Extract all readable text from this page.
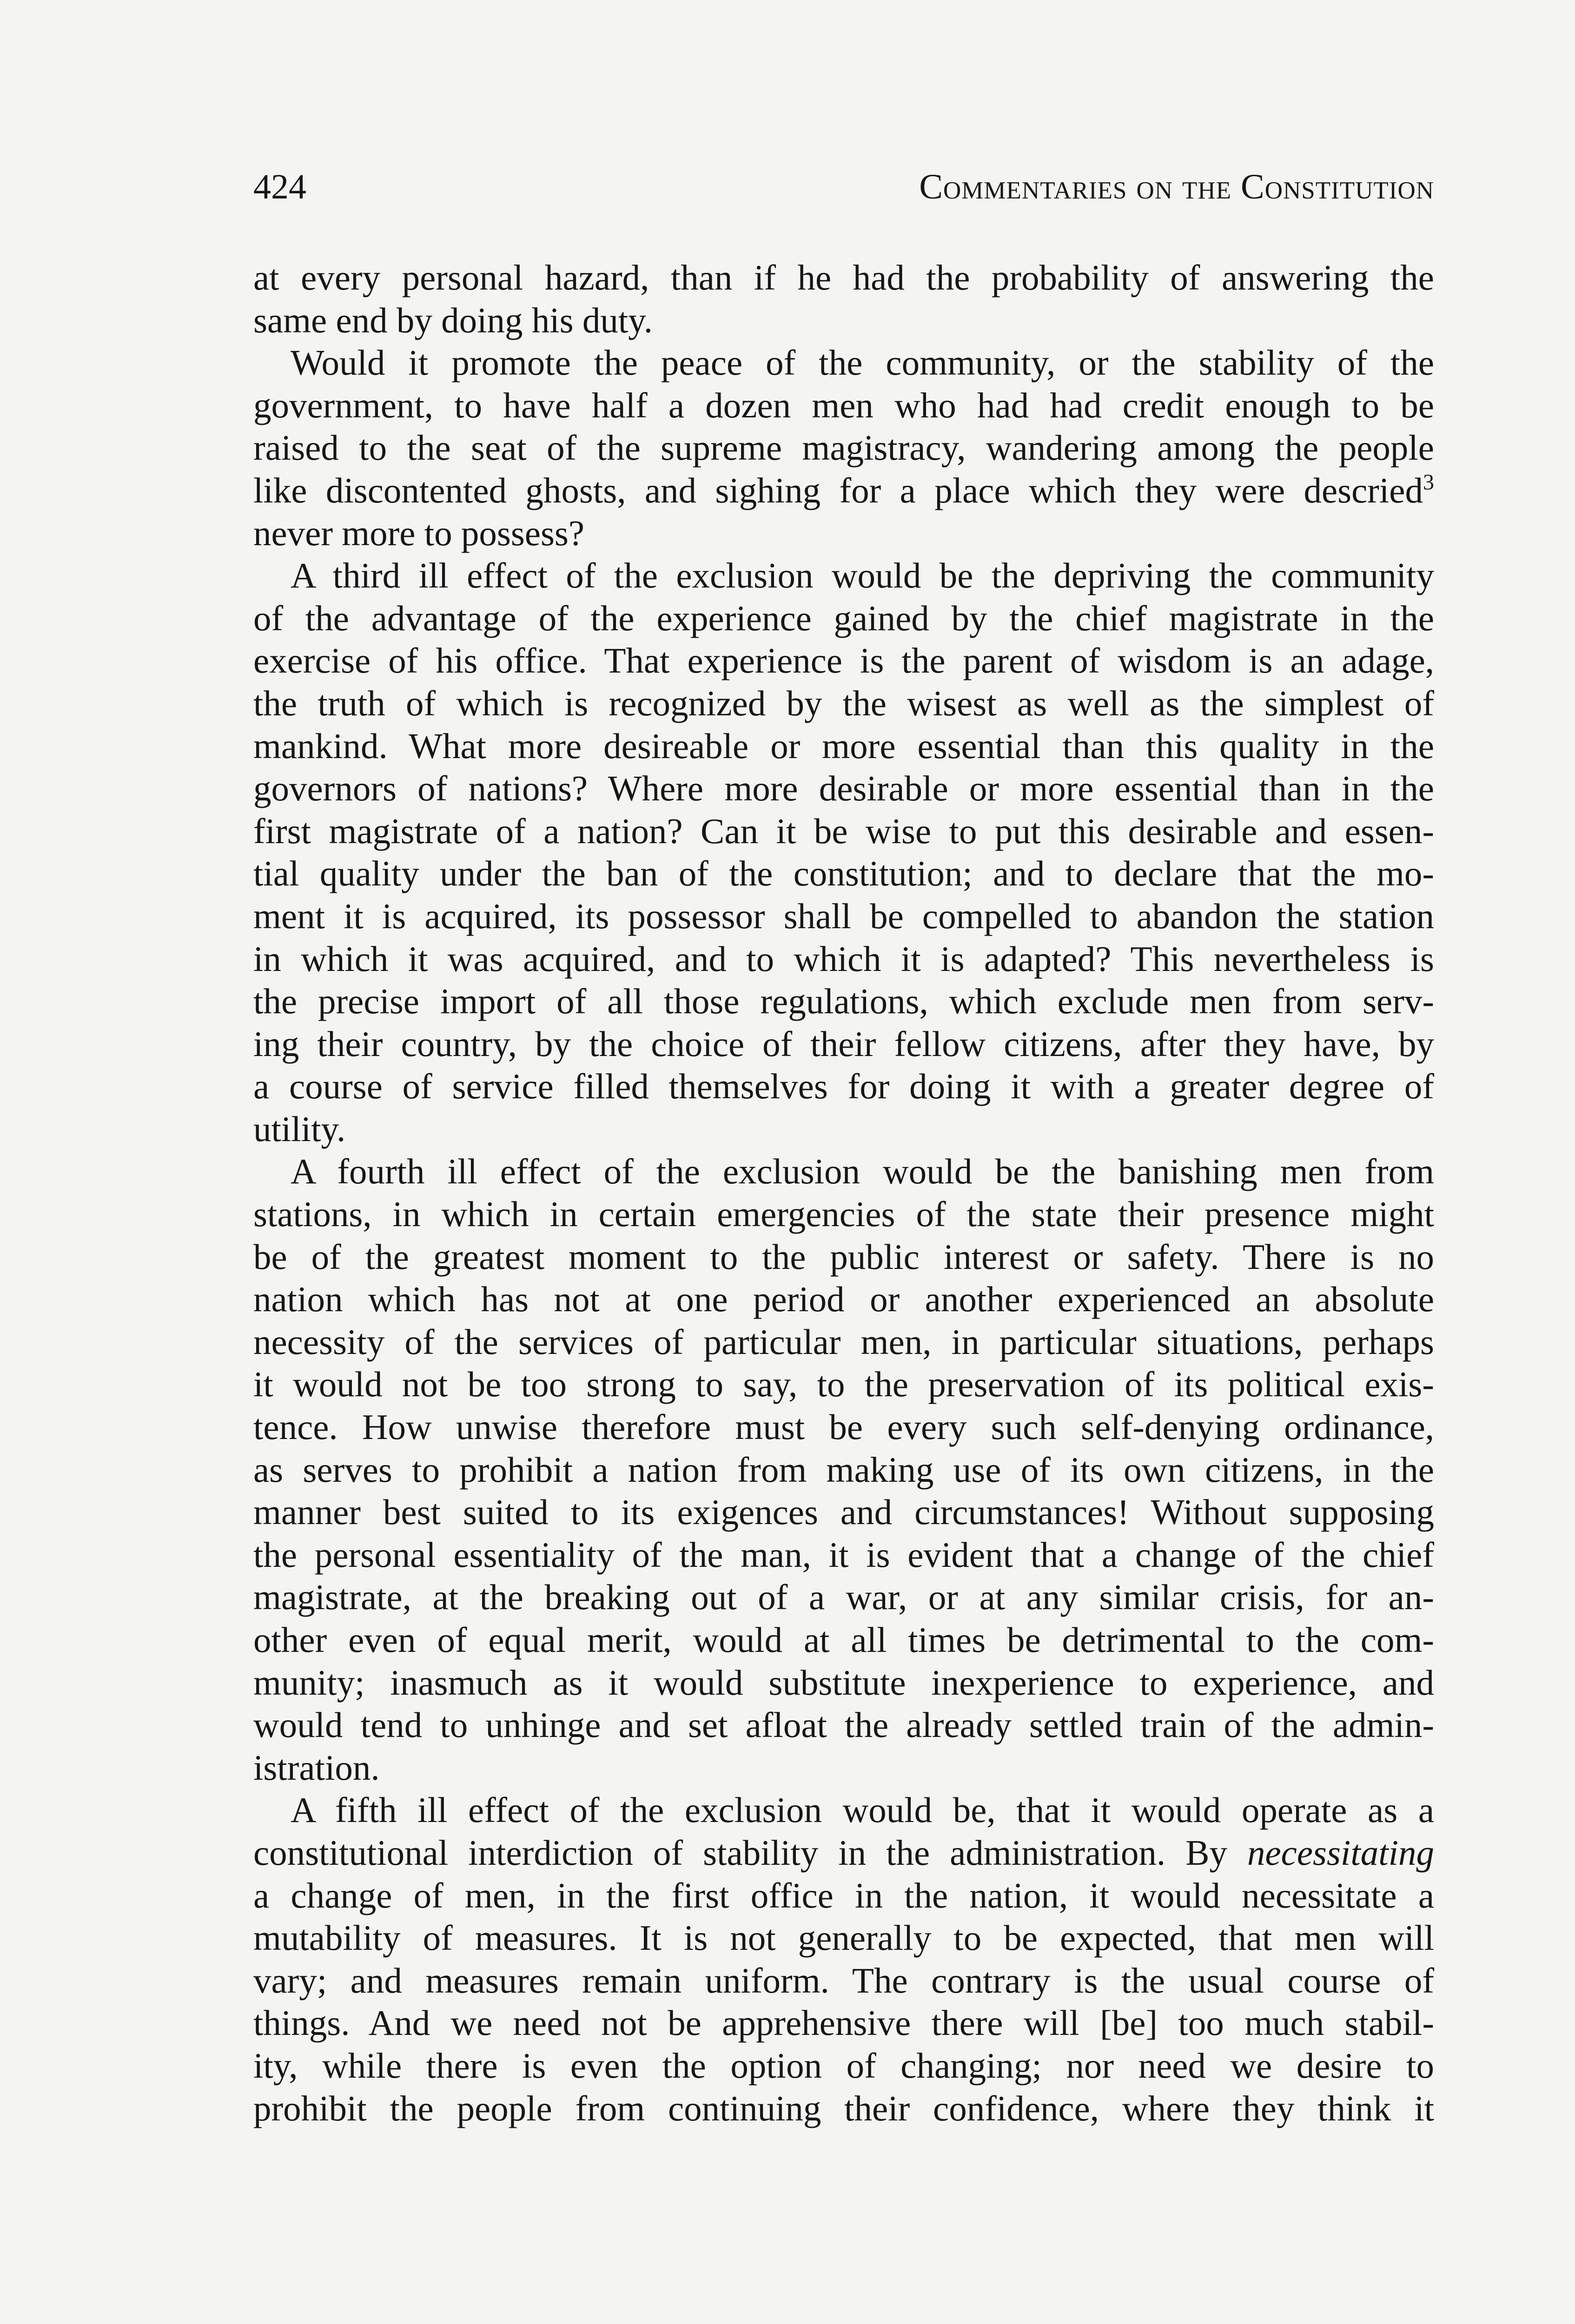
424	Commentaries on the Constitution
at every personal hazard, than if he had the probability of answering the
same end by doing his duty.
Would it promote the peace of the community, or the stability of the
government, to have half a dozen men who had had credit enough to be
raised to the seat of the supreme magistracy, wandering among the people
like discontented ghosts, and sighing for a place which they were descried$^3$
never more to possess?
A third ill effect of the exclusion would be the depriving the community
of the advantage of the experience gained by the chief magistrate in the
exercise of his office. That experience is the parent of wisdom is an adage,
the truth of which is recognized by the wisest as well as the simplest of
mankind. What more desireable or more essential than this quality in the
governors of nations? Where more desirable or more essential than in the
first magistrate of a nation? Can it be wise to put this desirable and essen-
tial quality under the ban of the constitution; and to declare that the mo-
ment it is acquired, its possessor shall be compelled to abandon the station
in which it was acquired, and to which it is adapted? This nevertheless is
the precise import of all those regulations, which exclude men from serv-
ing their country, by the choice of their fellow citizens, after they have, by
a course of service filled themselves for doing it with a greater degree of
utility.
A fourth ill effect of the exclusion would be the banishing men from
stations, in which in certain emergencies of the state their presence might
be of the greatest moment to the public interest or safety. There is no
nation which has not at one period or another experienced an absolute
necessity of the services of particular men, in particular situations, perhaps
it would not be too strong to say, to the preservation of its political exis-
tence. How unwise therefore must be every such self-denying ordinance,
as serves to prohibit a nation from making use of its own citizens, in the
manner best suited to its exigences and circumstances! Without supposing
the personal essentiality of the man, it is evident that a change of the chief
magistrate, at the breaking out of a war, or at any similar crisis, for an-
other even of equal merit, would at all times be detrimental to the com-
munity; inasmuch as it would substitute inexperience to experience, and
would tend to unhinge and set afloat the already settled train of the admin-
istration.
A fifth ill effect of the exclusion would be, that it would operate as a
constitutional interdiction of stability in the administration. By necessitating
a change of men, in the first office in the nation, it would necessitate a
mutability of measures. It is not generally to be expected, that men will
vary; and measures remain uniform. The contrary is the usual course of
things. And we need not be apprehensive there will [be] too much stabil-
ity, while there is even the option of changing; nor need we desire to
prohibit the people from continuing their confidence, where they think it
